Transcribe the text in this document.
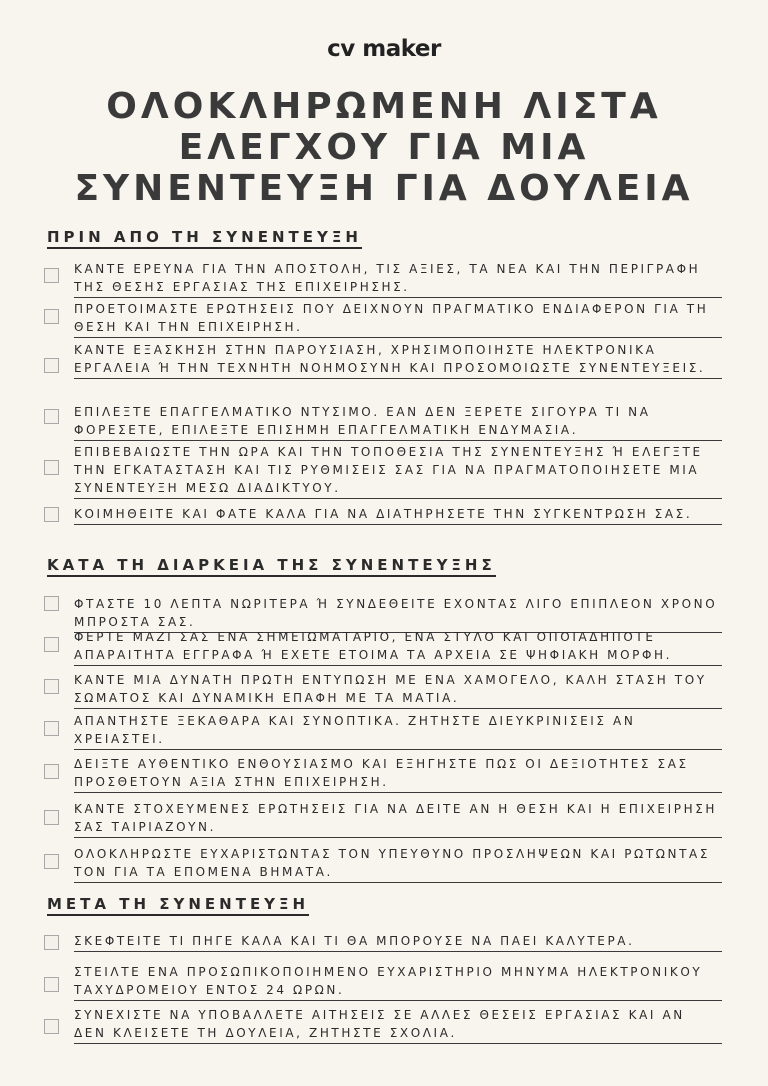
cv maker
ΟΛΟΚΛΗΡΩΜΕΝΗ ΛΙΣΤΑ
ΕΛΕΓΧΟΥ ΓΙΑ ΜΙΑ
ΣΥΝΕΝΤΕΥΞΗ ΓΙΑ ΔΟΥΛΕΙΑ
ΠΡΙΝ ΑΠΟ ΤΗ ΣΥΝΕΝΤΕΥΞΗ
ΚΑΝΤΕ ΕΡΕΥΝΑ ΓΙΑ ΤΗΝ ΑΠΟΣΤΟΛΗ, ΤΙΣ ΑΞΙΕΣ, ΤΑ ΝΕΑ ΚΑΙ ΤΗΝ ΠΕΡΙΓΡΑΦΗ ΤΗΣ ΘΕΣΗΣ ΕΡΓΑΣΙΑΣ ΤΗΣ ΕΠΙΧΕΙΡΗΣΗΣ.
ΠΡΟΕΤΟΙΜΑΣΤΕ ΕΡΩΤΗΣΕΙΣ ΠΟΥ ΔΕΙΧΝΟΥΝ ΠΡΑΓΜΑΤΙΚΟ ΕΝΔΙΑΦΕΡΟΝ ΓΙΑ ΤΗ ΘΕΣΗ ΚΑΙ ΤΗΝ ΕΠΙΧΕΙΡΗΣΗ.
ΚΑΝΤΕ ΕΞΑΣΚΗΣΗ ΣΤΗΝ ΠΑΡΟΥΣΙΑΣΗ, ΧΡΗΣΙΜΟΠΟΙΗΣΤΕ ΗΛΕΚΤΡΟΝΙΚΑ ΕΡΓΑΛΕΙΑ Ή ΤΗΝ ΤΕΧΝΗΤΗ ΝΟΗΜΟΣΥΝΗ ΚΑΙ ΠΡΟΣΟΜΟΙΩΣΤΕ ΣΥΝΕΝΤΕΥΞΕΙΣ.
ΕΠΙΛΕΞΤΕ ΕΠΑΓΓΕΛΜΑΤΙΚΟ ΝΤΥΣΙΜΟ. ΕΑΝ ΔΕΝ ΞΕΡΕΤΕ ΣΙΓΟΥΡΑ ΤΙ ΝΑ ΦΟΡΕΣΕΤΕ, ΕΠΙΛΕΞΤΕ ΕΠΙΣΗΜΗ ΕΠΑΓΓΕΛΜΑΤΙΚΗ ΕΝΔΥΜΑΣΙΑ.
ΕΠΙΒΕΒΑΙΩΣΤΕ ΤΗΝ ΩΡΑ ΚΑΙ ΤΗΝ ΤΟΠΟΘΕΣΙΑ ΤΗΣ ΣΥΝΕΝΤΕΥΞΗΣ Ή ΕΛΕΓΞΤΕ ΤΗΝ ΕΓΚΑΤΑΣΤΑΣΗ ΚΑΙ ΤΙΣ ΡΥΘΜΙΣΕΙΣ ΣΑΣ ΓΙΑ ΝΑ ΠΡΑΓΜΑΤΟΠΟΙΗΣΕΤΕ ΜΙΑ ΣΥΝΕΝΤΕΥΞΗ ΜΕΣΩ ΔΙΑΔΙΚΤΥΟΥ.
ΚΟΙΜΗΘΕΙΤΕ ΚΑΙ ΦΑΤΕ ΚΑΛΑ ΓΙΑ ΝΑ ΔΙΑΤΗΡΗΣΕΤΕ ΤΗΝ ΣΥΓΚΕΝΤΡΩΣΗ ΣΑΣ.
ΚΑΤΑ ΤΗ ΔΙΑΡΚΕΙΑ ΤΗΣ ΣΥΝΕΝΤΕΥΞΗΣ
ΦΤΑΣΤΕ 10 ΛΕΠΤΑ ΝΩΡΙΤΕΡΑ Ή ΣΥΝΔΕΘΕΙΤΕ ΕΧΟΝΤΑΣ ΛΙΓΟ ΕΠΙΠΛΕΟΝ ΧΡΟΝΟ ΜΠΡΟΣΤΑ ΣΑΣ.
ΦΕΡΤΕ ΜΑΖΙ ΣΑΣ ΕΝΑ ΣΗΜΕΙΩΜΑΤΑΡΙΟ, ΕΝΑ ΣΤΥΛΟ ΚΑΙ ΟΠΟΙΑΔΗΠΟΤΕ ΑΠΑΡΑΙΤΗΤΑ ΕΓΓΡΑΦΑ Ή ΕΧΕΤΕ ΕΤΟΙΜΑ ΤΑ ΑΡΧΕΙΑ ΣΕ ΨΗΦΙΑΚΗ ΜΟΡΦΗ.
ΚΑΝΤΕ ΜΙΑ ΔΥΝΑΤΗ ΠΡΩΤΗ ΕΝΤΥΠΩΣΗ ΜΕ ΕΝΑ ΧΑΜΟΓΕΛΟ, ΚΑΛΗ ΣΤΑΣΗ ΤΟΥ ΣΩΜΑΤΟΣ ΚΑΙ ΔΥΝΑΜΙΚΗ ΕΠΑΦΗ ΜΕ ΤΑ ΜΑΤΙΑ.
ΑΠΑΝΤΗΣΤΕ ΞΕΚΑΘΑΡΑ ΚΑΙ ΣΥΝΟΠΤΙΚΑ. ΖΗΤΗΣΤΕ ΔΙΕΥΚΡΙΝΙΣΕΙΣ ΑΝ ΧΡΕΙΑΣΤΕΙ.
ΔΕΙΞΤΕ ΑΥΘΕΝΤΙΚΟ ΕΝΘΟΥΣΙΑΣΜΟ ΚΑΙ ΕΞΗΓΗΣΤΕ ΠΩΣ ΟΙ ΔΕΞΙΟΤΗΤΕΣ ΣΑΣ ΠΡΟΣΘΕΤΟΥΝ ΑΞΙΑ ΣΤΗΝ ΕΠΙΧΕΙΡΗΣΗ.
ΚΑΝΤΕ ΣΤΟΧΕΥΜΕΝΕΣ ΕΡΩΤΗΣΕΙΣ ΓΙΑ ΝΑ ΔΕΙΤΕ ΑΝ Η ΘΕΣΗ ΚΑΙ Η ΕΠΙΧΕΙΡΗΣΗ ΣΑΣ ΤΑΙΡΙΑΖΟΥΝ.
ΟΛΟΚΛΗΡΩΣΤΕ ΕΥΧΑΡΙΣΤΩΝΤΑΣ ΤΟΝ ΥΠΕΥΘΥΝΟ ΠΡΟΣΛΗΨΕΩΝ ΚΑΙ ΡΩΤΩΝΤΑΣ ΤΟΝ ΓΙΑ ΤΑ ΕΠΟΜΕΝΑ ΒΗΜΑΤΑ.
ΜΕΤΑ ΤΗ ΣΥΝΕΝΤΕΥΞΗ
ΣΚΕΦΤΕΙΤΕ ΤΙ ΠΗΓΕ ΚΑΛΑ ΚΑΙ ΤΙ ΘΑ ΜΠΟΡΟΥΣΕ ΝΑ ΠΑΕΙ ΚΑΛΥΤΕΡΑ.
ΣΤΕΙΛΤΕ ΕΝΑ ΠΡΟΣΩΠΙΚΟΠΟΙΗΜΕΝΟ ΕΥΧΑΡΙΣΤΗΡΙΟ ΜΗΝΥΜΑ ΗΛΕΚΤΡΟΝΙΚΟΥ ΤΑΧΥΔΡΟΜΕΙΟΥ ΕΝΤΟΣ 24 ΩΡΩΝ.
ΣΥΝΕΧΙΣΤΕ ΝΑ ΥΠΟΒΑΛΛΕΤΕ ΑΙΤΗΣΕΙΣ ΣΕ ΑΛΛΕΣ ΘΕΣΕΙΣ ΕΡΓΑΣΙΑΣ ΚΑΙ ΑΝ ΔΕΝ ΚΛΕΙΣΕΤΕ ΤΗ ΔΟΥΛΕΙΑ, ΖΗΤΗΣΤΕ ΣΧΟΛΙΑ.
